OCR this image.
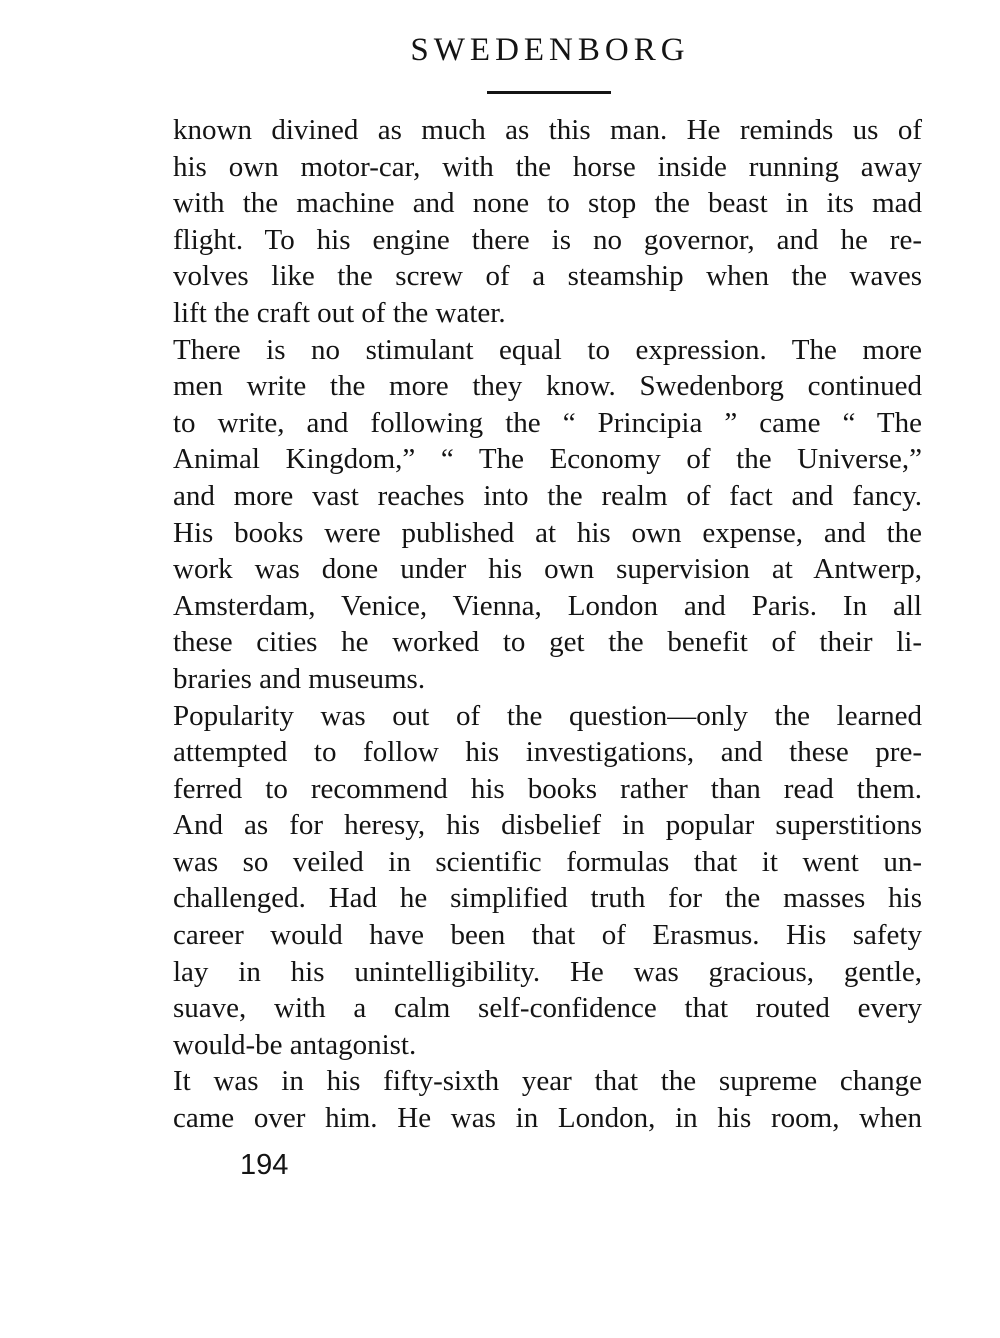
SWEDENBORG
known divined as much as this man. He reminds us of
his own motor-car, with the horse inside running away
with the machine and none to stop the beast in its mad
flight. To his engine there is no governor, and he re-
volves like the screw of a steamship when the waves
lift the craft out of the water.
There is no stimulant equal to expression. The more
men write the more they know. Swedenborg continued
to write, and following the “ Principia ” came “ The
Animal Kingdom,” “ The Economy of the Universe,”
and more vast reaches into the realm of fact and fancy.
His books were published at his own expense, and the
work was done under his own supervision at Antwerp,
Amsterdam, Venice, Vienna, London and Paris. In all
these cities he worked to get the benefit of their li-
braries and museums.
Popularity was out of the question—only the learned
attempted to follow his investigations, and these pre-
ferred to recommend his books rather than read them.
And as for heresy, his disbelief in popular superstitions
was so veiled in scientific formulas that it went un-
challenged. Had he simplified truth for the masses his
career would have been that of Erasmus. His safety
lay in his unintelligibility. He was gracious, gentle,
suave, with a calm self-confidence that routed every
would-be antagonist.
It was in his fifty-sixth year that the supreme change
came over him. He was in London, in his room, when
194
